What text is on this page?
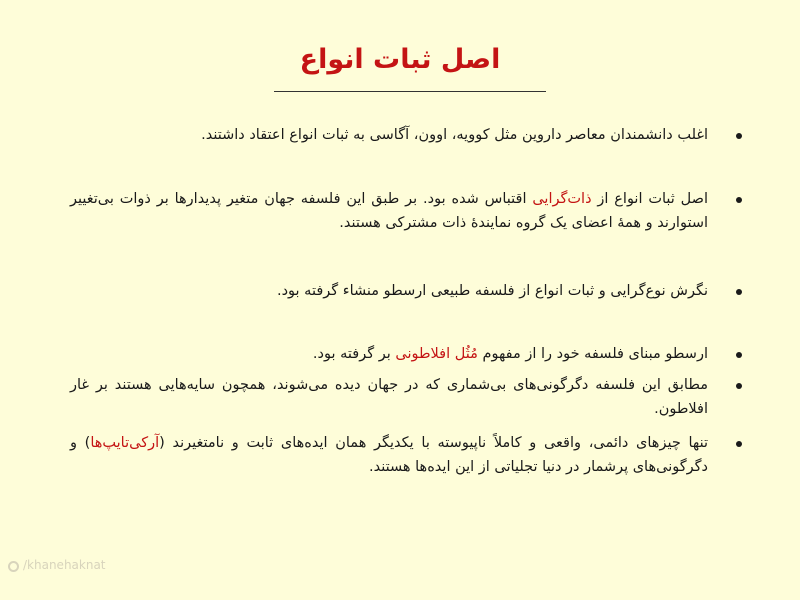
اصل ثبات انواع
اغلب دانشمندان معاصر داروین مثل کوویه، اوون، آگاسی به ثبات انواع اعتقاد داشتند.
اصل ثبات انواع از ذات‌گرایی اقتباس شده بود. بر طبق این فلسفه جهان متغیر پدیدارها بر ذوات بی‌تغییر استوارند و همهٔ اعضای یک گروه نمایندهٔ ذات مشترکی هستند.
نگرش نوع‌گرایی و ثبات انواع از فلسفه طبیعی ارسطو منشاء گرفته بود.
ارسطو مبنای فلسفه خود را از مفهوم مُثُل افلاطونی بر گرفته بود.
مطابق این فلسفه دگرگونی‌های بی‌شماری که در جهان دیده می‌شوند، همچون سایه‌هایی هستند بر غار افلاطون.
تنها چیزهای دائمی، واقعی و کاملاً ناپیوسته با یکدیگر همان ایده‌های ثابت و نامتغیرند (آرکی‌تایپ‌ها) و دگرگونی‌های پرشمار در دنیا تجلیاتی از این ایده‌ها هستند.
/khanehaknat
